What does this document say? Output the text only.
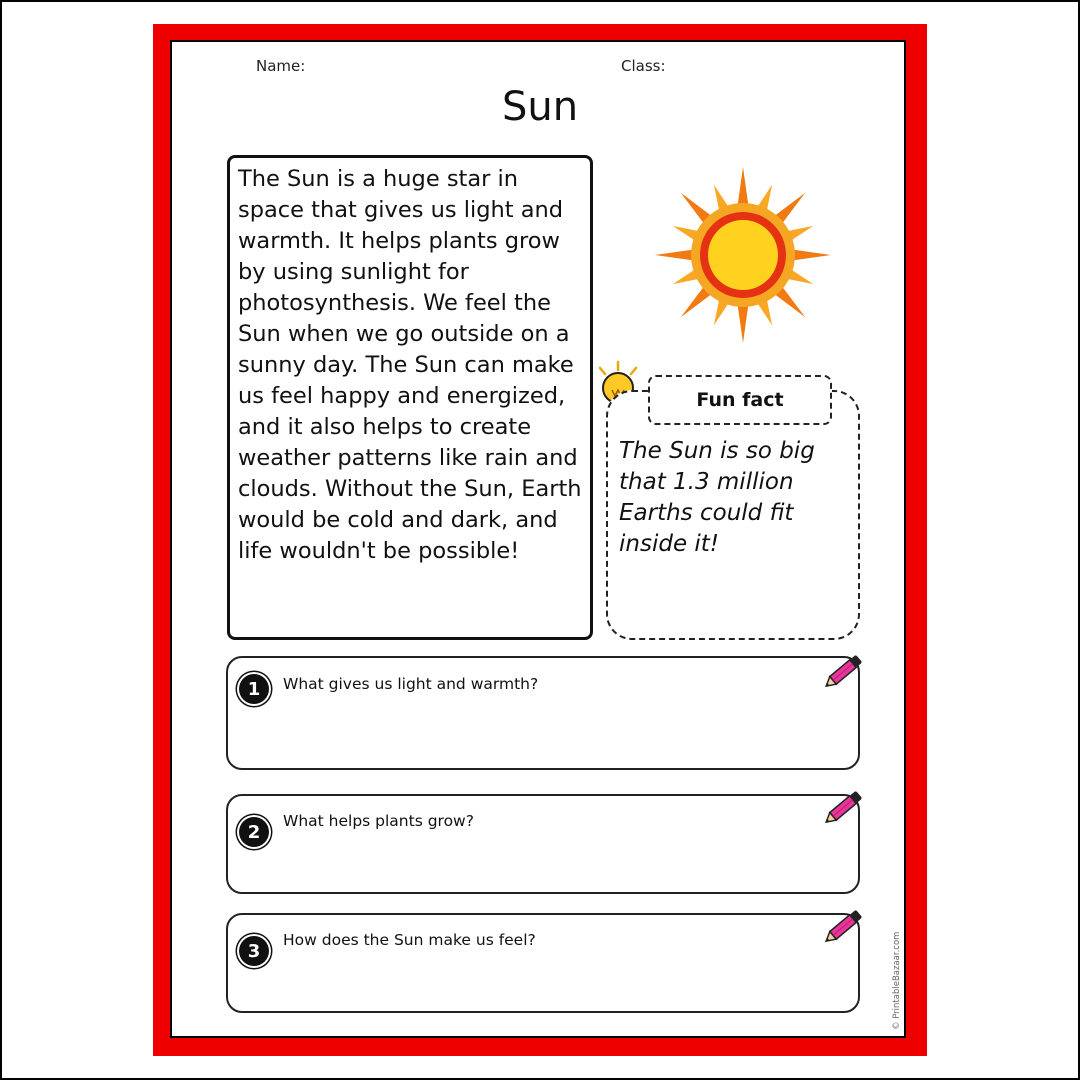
Name:	Class:
Sun
The Sun is a huge star in space that gives us light and warmth. It helps plants grow by using sunlight for photosynthesis. We feel the Sun when we go outside on a sunny day. The Sun can make us feel happy and energized, and it also helps to create weather patterns like rain and clouds. Without the Sun, Earth would be cold and dark, and life wouldn't be possible!
Fun fact
The Sun is so big that 1.3 million Earths could fit inside it!
1	What gives us light and warmth?
2
What helps plants grow?
3
How does the Sun make us feel?	© PrintableBazaar.com
